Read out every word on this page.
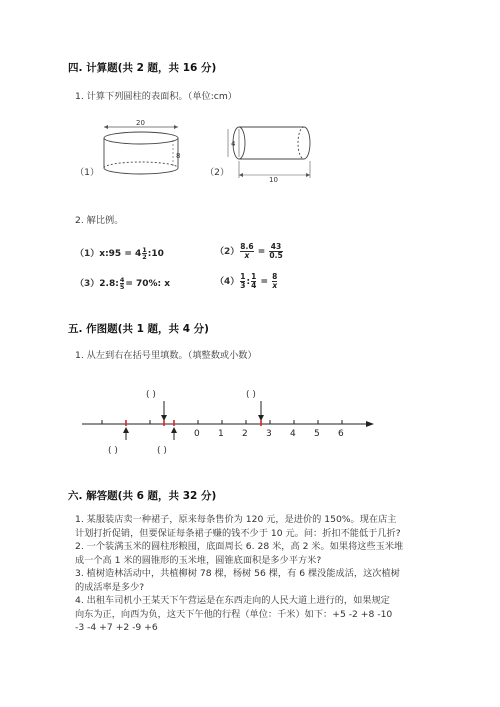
四. 计算题(共 2 题，共 16 分)
1. 计算下列圆柱的表面积。（单位:cm）
（1）
20
8
（2）
4
10
2. 解比例。
（1）x:95 = $4 \frac{1}{2}$ :10	$(2) \frac{8.6}{x} = \frac{43}{0.5}$
（3）2.8: $\frac{4}{5} = 70\%$: x	$(4) \frac{1}{3}$ : $\frac{1}{4} = \frac{8}{x}$
五. 作图题(共 1 题，共 4 分)
1. 从左到右在括号里填数。（填整数或小数）
( )	( )
0 1 2 3 4 5 6
( )	( )
六. 解答题(共 6 题，共 32 分)
1. 某服装店卖一种裙子，原来每条售价为 120 元，是进价的 150%。现在店主
计划打折促销，但要保证每条裙子赚的钱不少于 10 元。问：折扣不能低于几折?
2. 一个装满玉米的圆柱形粮囤，底面周长 6. 28 米，高 2 米。如果将这些玉米堆
成一个高 1 米的圆锥形的玉米堆，圆锥底面积是多少平方米?
3. 植树造林活动中，共植柳树 78 棵，杨树 56 棵，有 6 棵没能成活，这次植树
的成活率是多少?
4. 出租车司机小王某天下午营运是在东西走向的人民大道上进行的，如果规定
向东为正，向西为负，这天下午他的行程（单位：千米）如下：+5 -2 +8 -10
-3 -4 +7 +2 -9 +6
